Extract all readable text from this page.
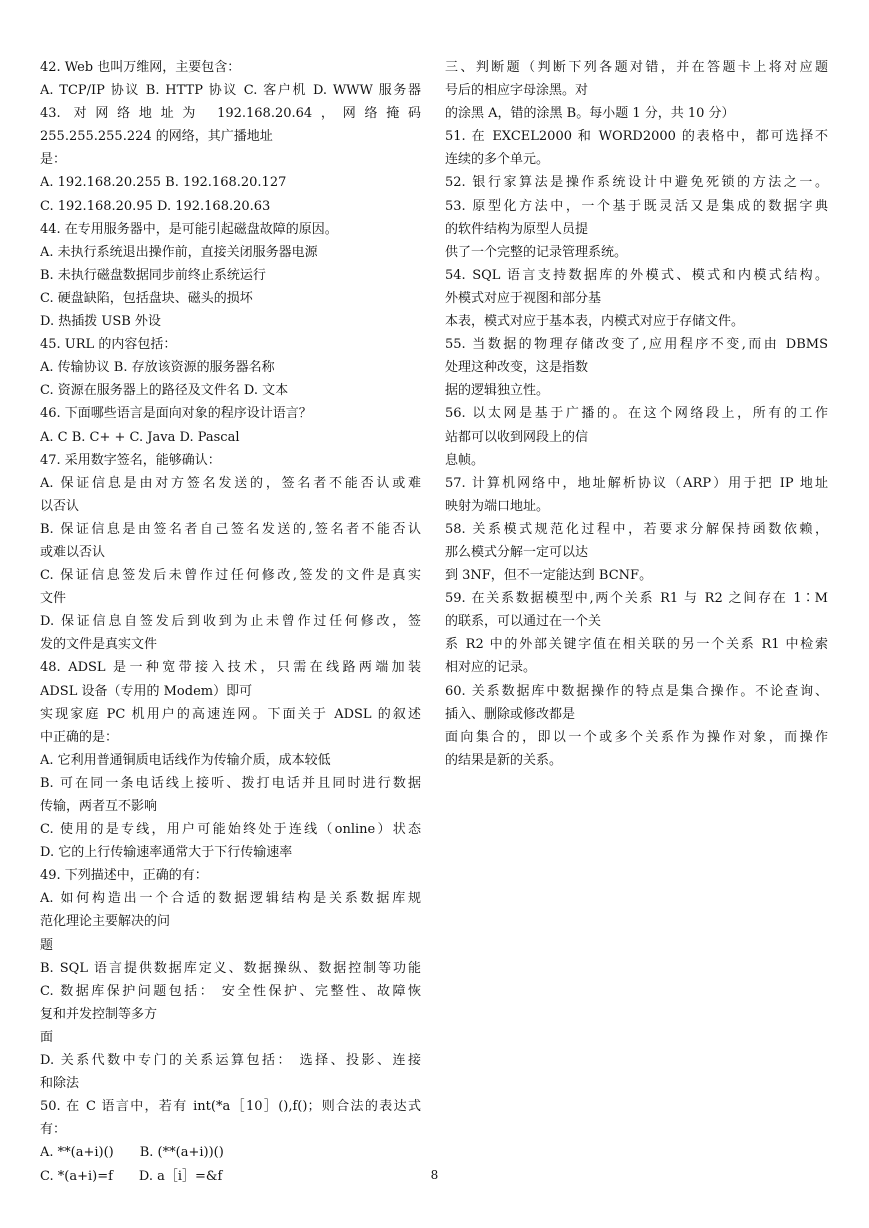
42. Web 也叫万维网，主要包含：
A. TCP/IP 协议 B. HTTP 协议 C. 客户机 D. WWW 服务器
43. 对网络地址为 192.168.20.64，网络掩码
255.255.255.224 的网络，其广播地址
是：
A. 192.168.20.255 B. 192.168.20.127
C. 192.168.20.95 D. 192.168.20.63
44. 在专用服务器中，是可能引起磁盘故障的原因。
A. 未执行系统退出操作前，直接关闭服务器电源
B. 未执行磁盘数据同步前终止系统运行
C. 硬盘缺陷，包括盘块、磁头的损坏
D. 热插拨 USB 外设
45. URL 的内容包括：
A. 传输协议 B. 存放该资源的服务器名称
C. 资源在服务器上的路径及文件名 D. 文本
46. 下面哪些语言是面向对象的程序设计语言？
A. C B. C+ + C. Java D. Pascal
47. 采用数字签名，能够确认：
A. 保证信息是由对方签名发送的，签名者不能否认或难
以否认
B. 保证信息是由签名者自己签名发送的,签名者不能否认
或难以否认
C. 保证信息签发后未曾作过任何修改,签发的文件是真实
文件
D. 保证信息自签发后到收到为止未曾作过任何修改，签
发的文件是真实文件
48. ADSL 是一种宽带接入技术，只需在线路两端加装
ADSL 设备（专用的 Modem）即可
实现家庭 PC 机用户的高速连网。下面关于 ADSL 的叙述
中正确的是：
A. 它利用普通铜质电话线作为传输介质，成本较低
B. 可在同一条电话线上接听、拨打电话并且同时进行数据
传输，两者互不影响
C. 使用的是专线，用户可能始终处于连线（online）状态
D. 它的上行传输速率通常大于下行传输速率
49. 下列描述中，正确的有：
A. 如何构造出一个合适的数据逻辑结构是关系数据库规
范化理论主要解决的问
题
B. SQL 语言提供数据库定义、数据操纵、数据控制等功能
C. 数据库保护问题包括： 安全性保护、完整性、故障恢
复和并发控制等多方
面
D. 关系代数中专门的关系运算包括： 选择、投影、连接
和除法
50. 在 C 语言中，若有 int(*a［10］(),f()；则合法的表达式
有：
A. **(a+i)()　　B. (**(a+i))()
C. *(a+i)=f　　D. a［i］=&f
三、判断题（判断下列各题对错，并在答题卡上将对应题
号后的相应字母涂黑。对
的涂黑 A，错的涂黑 B。每小题 1 分，共 10 分）
51. 在 EXCEL2000 和 WORD2000 的表格中，都可选择不
连续的多个单元。
52. 银行家算法是操作系统设计中避免死锁的方法之一。
53. 原型化方法中，一个基于既灵活又是集成的数据字典
的软件结构为原型人员提
供了一个完整的记录管理系统。
54. SQL 语言支持数据库的外模式、模式和内模式结构。
外模式对应于视图和部分基
本表，模式对应于基本表，内模式对应于存储文件。
55. 当数据的物理存储改变了,应用程序不变,而由 DBMS
处理这种改变，这是指数
据的逻辑独立性。
56. 以太网是基于广播的。在这个网络段上，所有的工作
站都可以收到网段上的信
息帧。
57. 计算机网络中，地址解析协议（ARP）用于把 IP 地址
映射为端口地址。
58. 关系模式规范化过程中，若要求分解保持函数依赖，
那么模式分解一定可以达
到 3NF，但不一定能达到 BCNF。
59. 在关系数据模型中,两个关系 R1 与 R2 之间存在 1∶M
的联系，可以通过在一个关
系 R2 中的外部关键字值在相关联的另一个关系 R1 中检索
相对应的记录。
60. 关系数据库中数据操作的特点是集合操作。不论查询、
插入、删除或修改都是
面向集合的，即以一个或多个关系作为操作对象，而操作
的结果是新的关系。
8
